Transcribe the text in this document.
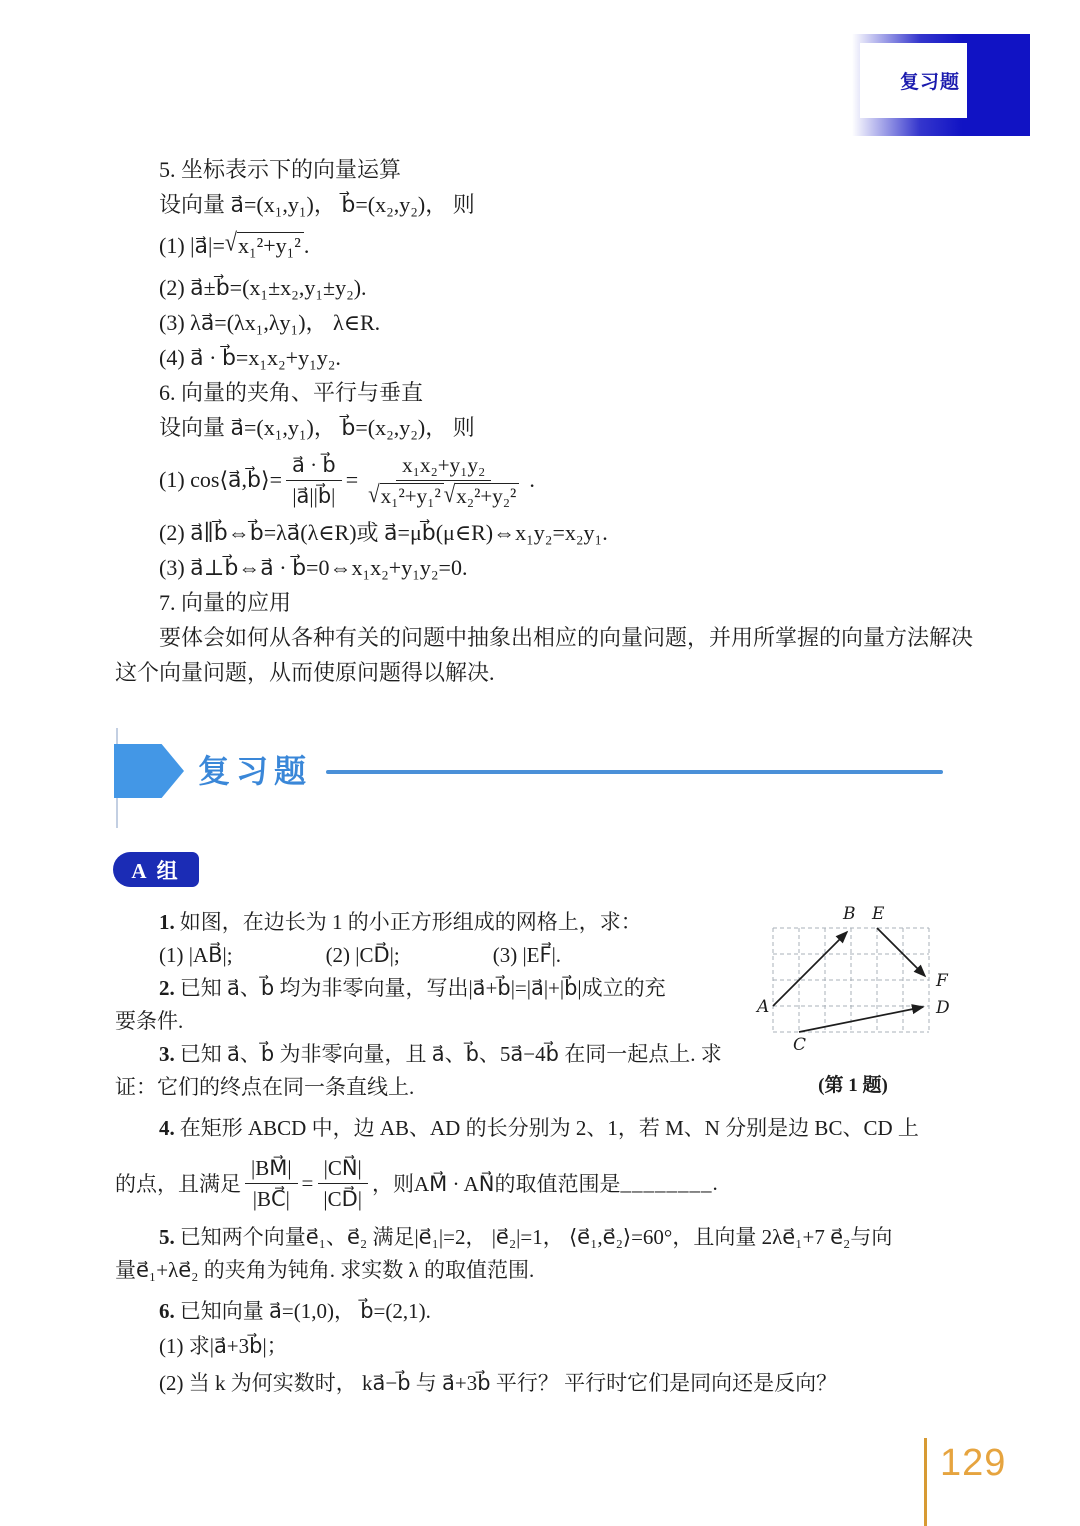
复习题
5. 坐标表示下的向量运算
设向量 a⃗=(x₁,y₁)， b⃗=(x₂,y₂)， 则
(1) |a⃗|=√x₁²+y₁² .
(2) a⃗±b⃗=(x₁±x₂,y₁±y₂).
(3) λa⃗=(λx₁,λy₁)， λ∈R.
(4) a⃗ · b⃗=x₁x₂+y₁y₂.
6. 向量的夹角、平行与垂直
设向量 a⃗=(x₁,y₁)， b⃗=(x₂,y₂)， 则
(1) cos⟨a⃗,b⃗⟩= $\frac{a⃗ \cdot b⃗}{|a⃗||b⃗|} = \frac{\text{x₁x₂+y₁y₂}}{\text{√x₁²+y₁² √x₂²+y₂²}}$ .
(2) a⃗∥b⃗⇔b⃗=λa⃗(λ∈R)或 a⃗=μb⃗(μ∈R)⇔x₁y₂=x₂y₁.
(3) a⃗⊥b⃗⇔a⃗ · b⃗=0⇔x₁x₂+y₁y₂=0.
7. 向量的应用
要体会如何从各种有关的问题中抽象出相应的向量问题，并用所掌握的向量方法解决
这个向量问题，从而使原问题得以解决.
复习题
A 组
1. 如图，在边长为 1 的小正方形组成的网格上，求：
(1) |AB⃗|;	(2) |CD⃗|;	(3) |EF⃗|.
2. 已知 a⃗、b⃗ 均为非零向量，写出|a⃗+b⃗|=|a⃗|+|b⃗|成立的充
要条件.
3. 已知 a⃗、b⃗ 为非零向量，且 a⃗、b⃗、5a⃗−4b⃗ 在同一起点上. 求
证：它们的终点在同一条直线上.
4. 在矩形 ABCD 中，边 AB、AD 的长分别为 2、1，若 M、N 分别是边 BC、CD 上
的点，且满足 $\frac{|BM⃗|}{|BC⃗|} = \frac{|CN⃗|}{|CD⃗|}$ ，则AM⃗ · AN⃗的取值范围是 ________ .
5. 已知两个向量e⃗₁、e⃗₂ 满足|e⃗₁|=2， |e⃗₂|=1， ⟨e⃗₁,e⃗₂⟩=60°，且向量 2λe⃗₁+7 e⃗₂与向
量e⃗₁+λe⃗₂ 的夹角为钝角. 求实数 λ 的取值范围.
6. 已知向量 a⃗=(1,0)， b⃗=(2,1).
(1) 求|a⃗+3b⃗|；
(2) 当 k 为何实数时， ka⃗−b⃗ 与 a⃗+3b⃗ 平行？ 平行时它们是同向还是反向？
A
B E
F
C
D
(第 1 题)
129
